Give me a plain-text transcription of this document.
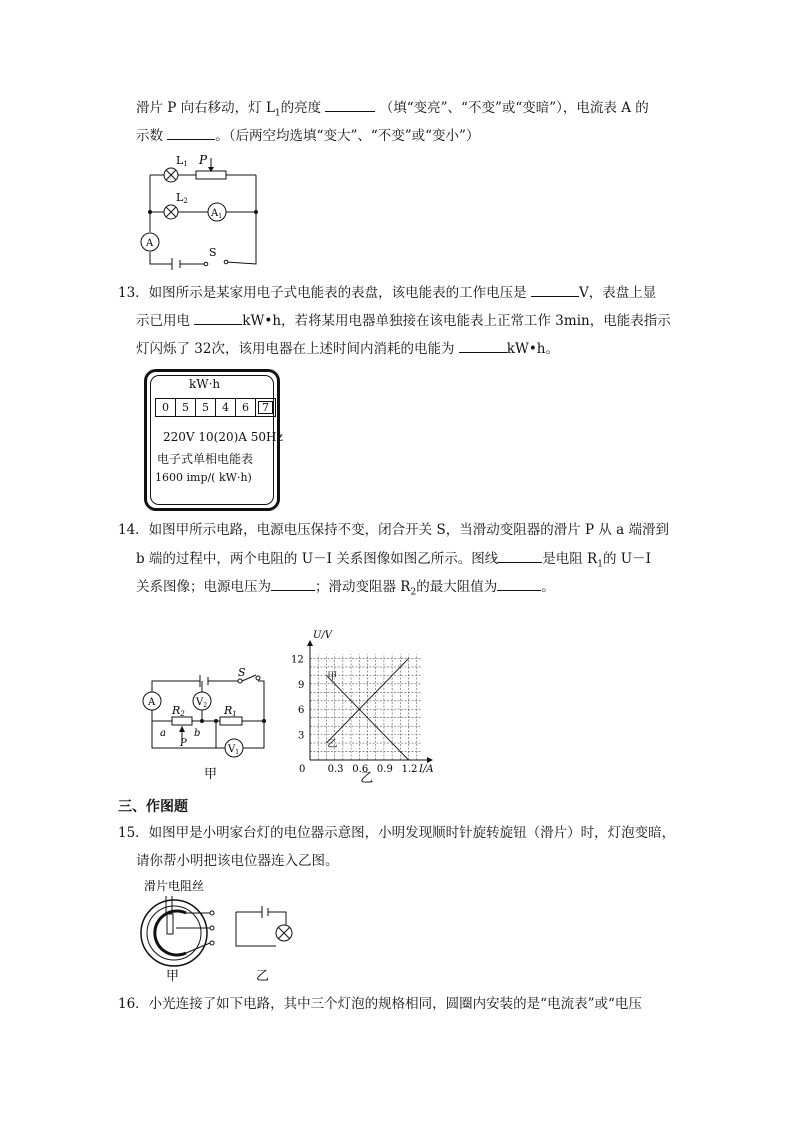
滑片 P 向右移动，灯 $L_1$的亮度	（填“变亮”、“不变”或“变暗”），电流表 A 的
示数	。（后两空均选填“变大”、“不变”或“变小”）
L1 P
L2
$A_1$
A
S
13．如图所示是某家用电子式电能表的表盘，该电能表的工作电压是	V，表盘上显
示已用电	kW•h，若将某用电器单独接在该电能表上正常工作 3min，电能表指示
灯闪烁了 32次，该用电器在上述时间内消耗的电能为	kW•h。
kW·h
0	5	5	4	6	7
220V 10(20)A 50Hz
电子式单相电能表
1600 imp/( kW·h)
14．如图甲所示电路，电源电压保持不变，闭合开关 S，当滑动变阻器的滑片 P 从 a 端滑到
b 端的过程中，两个电阻的 U－I 关系图像如图乙所示。图线	是电阻 $R_1$的 U－I
关系图像；电源电压为	；滑动变阻器 $R_2$的最大阻值为	。
A	$V_2$
S
R2	R1
a	b
P
$V_1$
甲
甲
乙
0 0.3 0.6 0.9 1.2
3
6
9
12
U/V
I/A
乙
三、作图题
15．如图甲是小明家台灯的电位器示意图，小明发现顺时针旋转旋钮（滑片）时，灯泡变暗，
请你帮小明把该电位器连入乙图。
滑片电阻丝
甲	乙
16．小光连接了如下电路，其中三个灯泡的规格相同，圆圈内安装的是“电流表”或“电压
